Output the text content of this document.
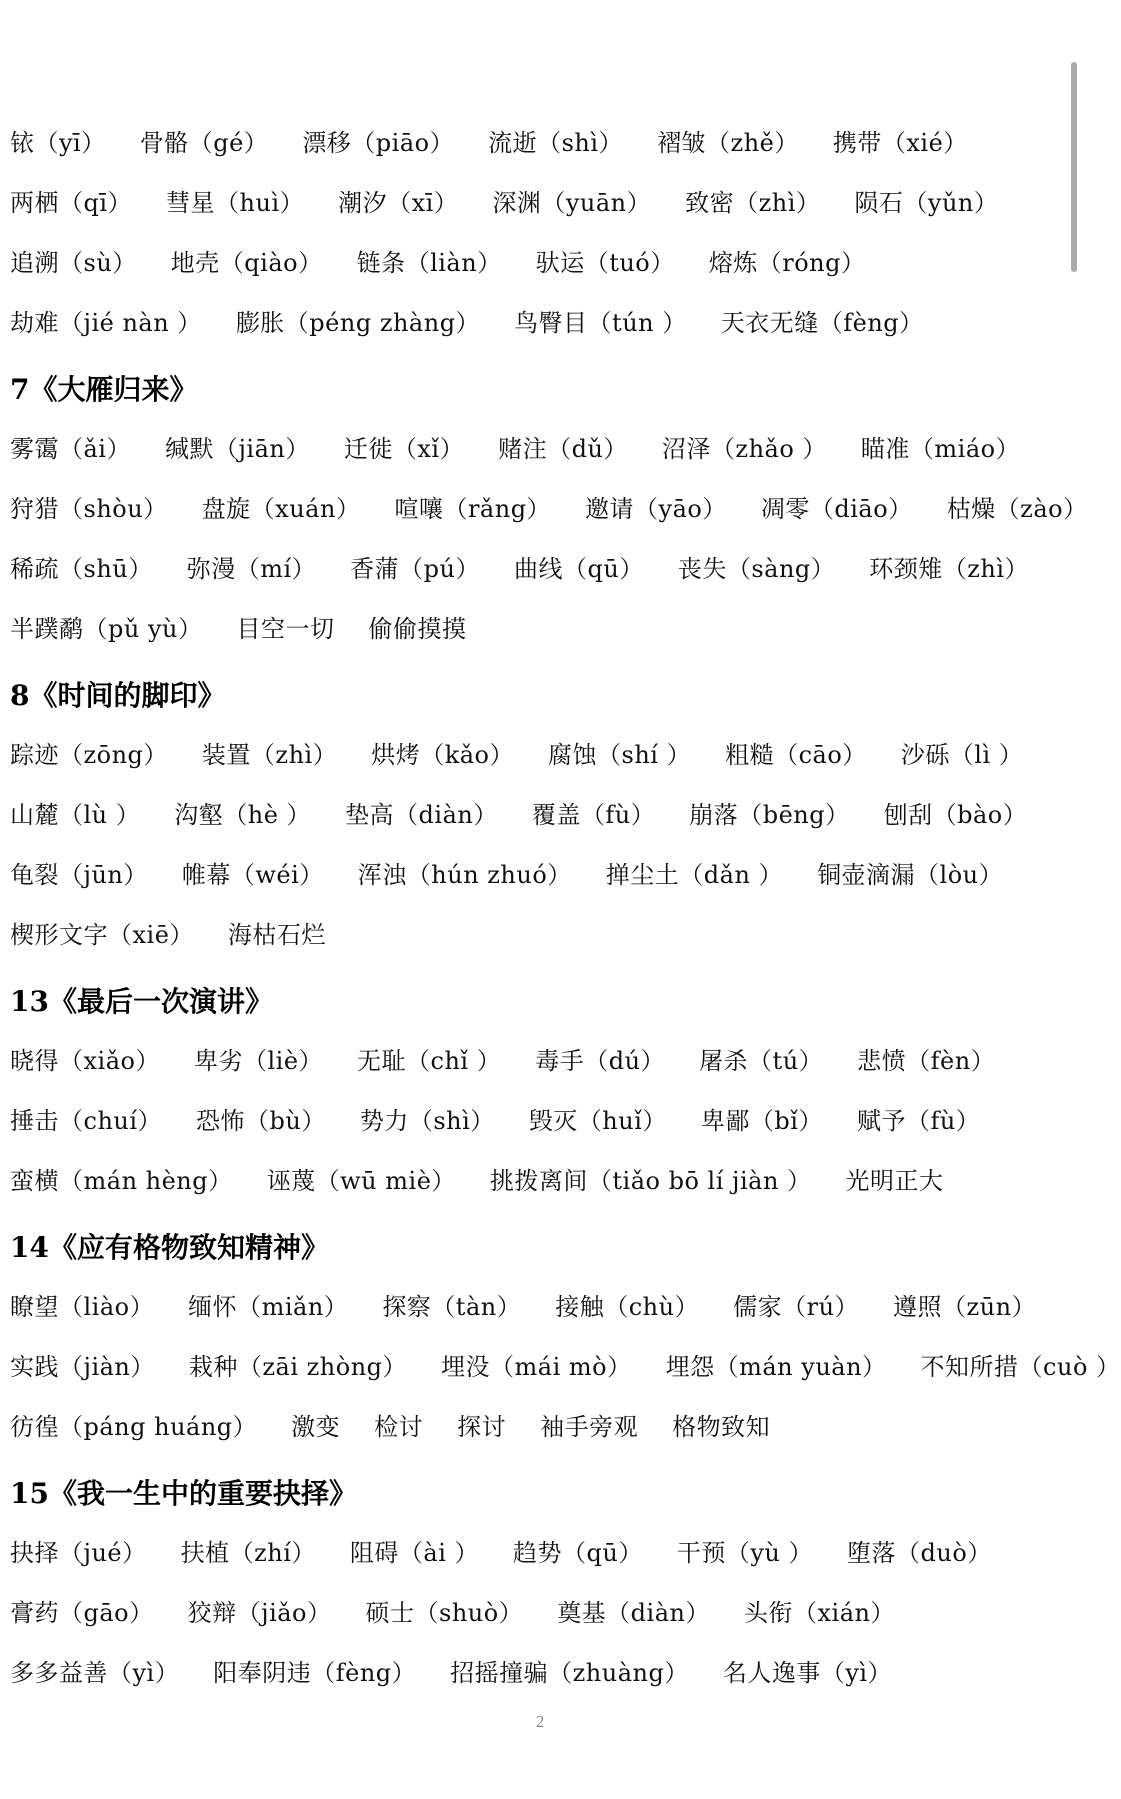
铱（yī） 骨骼（gé） 漂移（piāo） 流逝（shì） 褶皱（zhě） 携带（xié）
两栖（qī） 彗星（huì） 潮汐（xī） 深渊（yuān） 致密（zhì） 陨石（yǔn）
追溯（sù） 地壳（qiào） 链条（liàn） 驮运（tuó） 熔炼（róng）
劫难（jié nàn ） 膨胀（péng zhàng） 鸟臀目（tún ） 天衣无缝（fèng）
7《大雁归来》
雾霭（ǎi） 缄默（jiān） 迁徙（xǐ） 赌注（dǔ） 沼泽（zhǎo ） 瞄准（miáo）
狩猎（shòu） 盘旋（xuán） 喧嚷（rǎng） 邀请（yāo） 凋零（diāo） 枯燥（zào）
稀疏（shū） 弥漫（mí） 香蒲（pú） 曲线（qū） 丧失（sàng） 环颈雉（zhì）
半蹼鹬（pǔ yù） 目空一切 偷偷摸摸
8《时间的脚印》
踪迹（zōng） 装置（zhì） 烘烤（kǎo） 腐蚀（shí ） 粗糙（cāo） 沙砾（lì ）
山麓（lù ） 沟壑（hè ） 垫高（diàn） 覆盖（fù） 崩落（bēng） 刨刮（bào）
龟裂（jūn） 帷幕（wéi） 浑浊（hún zhuó） 掸尘土（dǎn ） 铜壶滴漏（lòu）
楔形文字（xiē） 海枯石烂
13《最后一次演讲》
晓得（xiǎo） 卑劣（liè） 无耻（chǐ ） 毒手（dú） 屠杀（tú） 悲愤（fèn）
捶击（chuí） 恐怖（bù） 势力（shì） 毁灭（huǐ） 卑鄙（bǐ） 赋予（fù）
蛮横（mán hèng） 诬蔑（wū miè） 挑拨离间（tiǎo bō lí jiàn ） 光明正大
14《应有格物致知精神》
瞭望（liào） 缅怀（miǎn） 探察（tàn） 接触（chù） 儒家（rú） 遵照（zūn）
实践（jiàn） 栽种（zāi zhòng） 埋没（mái mò） 埋怨（mán yuàn） 不知所措（cuò ）
彷徨（páng huáng） 激变 检讨 探讨 袖手旁观 格物致知
15《我一生中的重要抉择》
抉择（jué） 扶植（zhí） 阻碍（ài ） 趋势（qū） 干预（yù ） 堕落（duò）
膏药（gāo） 狡辩（jiǎo） 硕士（shuò） 奠基（diàn） 头衔（xián）
多多益善（yì） 阳奉阴违（fèng） 招摇撞骗（zhuàng） 名人逸事（yì）
2
